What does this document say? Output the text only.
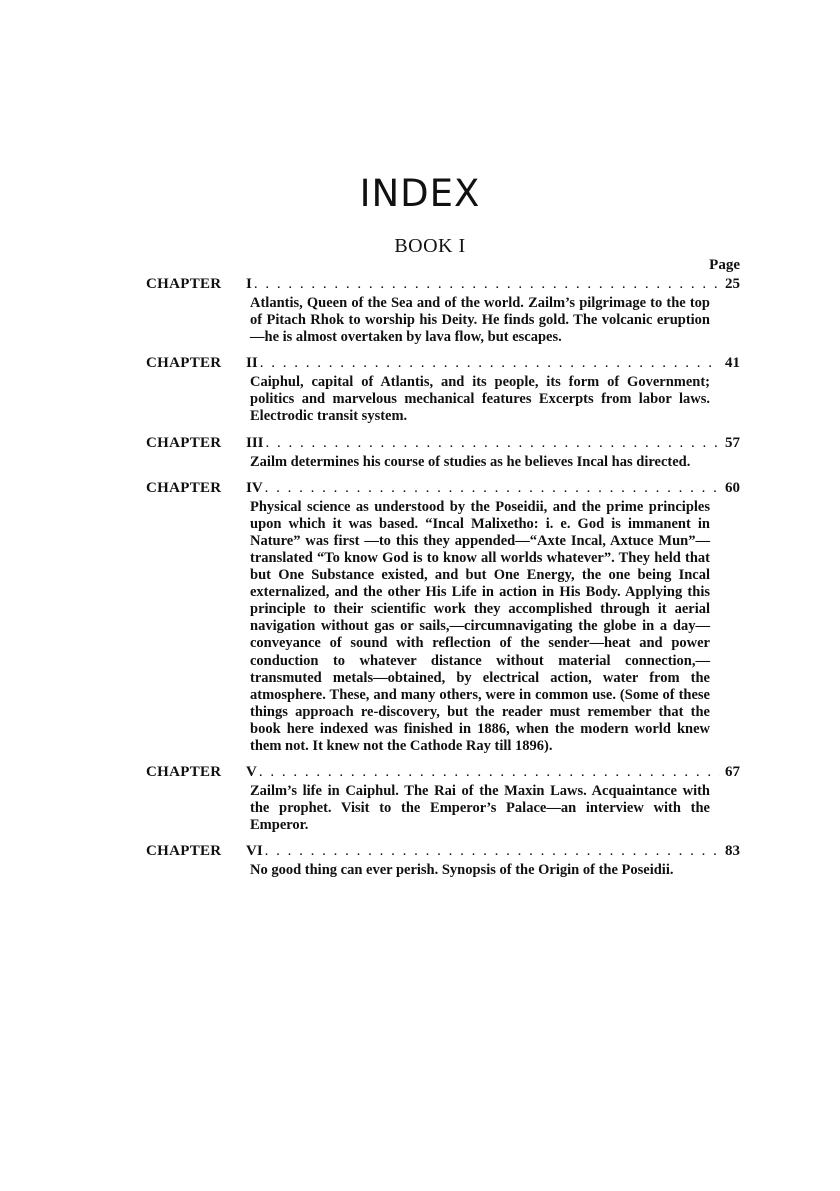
INDEX
BOOK I
Page
CHAPTER	I . . .	25
Atlantis, Queen of the Sea and of the world. Zailm’s pilgrimage to the top of Pitach Rhok to worship his Deity. He finds gold. The volcanic eruption—he is almost overtaken by lava flow, but escapes.
CHAPTER	II . . .	41
Caiphul, capital of Atlantis, and its people, its form of Government; politics and marvelous mechanical features Excerpts from labor laws. Electrodic transit system.
CHAPTER	III . . .	57
Zailm determines his course of studies as he believes Incal has directed.
CHAPTER	IV . . .	60
Physical science as understood by the Poseidii, and the prime principles upon which it was based. “Incal Malixetho: i. e. God is immanent in Nature” was first —to this they appended—“Axte Incal, Axtuce Mun”—translated “To know God is to know all worlds whatever”. They held that but One Substance existed, and but One Energy, the one being Incal externalized, and the other His Life in action in His Body. Applying this principle to their scientific work they accomplished through it aerial navigation without gas or sails,—circumnavigating the globe in a day—conveyance of sound with reflection of the sender—heat and power conduction to whatever distance without material connection,—transmuted metals—obtained, by electrical action, water from the atmosphere. These, and many others, were in common use. (Some of these things approach re-discovery, but the reader must remember that the book here indexed was finished in 1886, when the modern world knew them not. It knew not the Cathode Ray till 1896).
CHAPTER	V . . .	67
Zailm’s life in Caiphul. The Rai of the Maxin Laws. Acquaintance with the prophet. Visit to the Emperor’s Palace—an interview with the Emperor.
CHAPTER	VI . . .	83
No good thing can ever perish. Synopsis of the Origin of the Poseidii.
